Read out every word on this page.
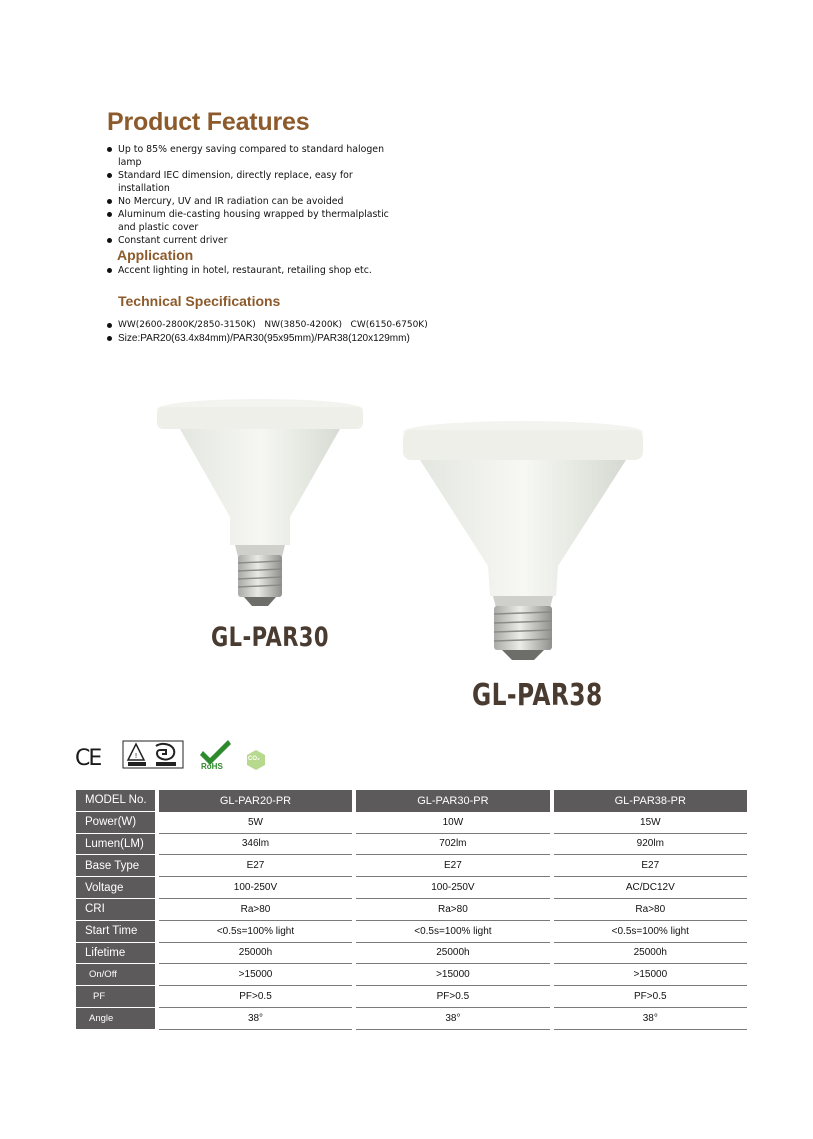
Product Features
Up to 85% energy saving compared to standard halogen lamp
Standard IEC dimension, directly replace, easy for installation
No Mercury, UV and IR radiation can be avoided
Aluminum die-casting housing wrapped by thermalplastic and plastic cover
Constant current driver
Application
Accent lighting in hotel, restaurant, retailing shop etc.
Technical Specifications
WW(2600-2800K/2850-3150K)   NW(3850-4200K)   CW(6150-6750K)
Size:PAR20(63.4x84mm)/PAR30(95x95mm)/PAR38(120x129mm)
GL-PAR30
GL-PAR38
CE	!
RoHS
CO₂
MODEL No.	GL-PAR20-PR	GL-PAR30-PR	GL-PAR38-PR
Power(W)	5W	10W	15W
Lumen(LM)	346lm	702lm	920lm
Base Type	E27	E27	E27
Voltage	100-250V	100-250V	AC/DC12V
CRI	Ra>80	Ra>80	Ra>80
Start Time	<0.5s=100% light	<0.5s=100% light	<0.5s=100% light
Lifetime	25000h	25000h	25000h
On/Off	>15000	>15000	>15000
PF	PF>0.5	PF>0.5	PF>0.5
Angle	38°	38°	38°
